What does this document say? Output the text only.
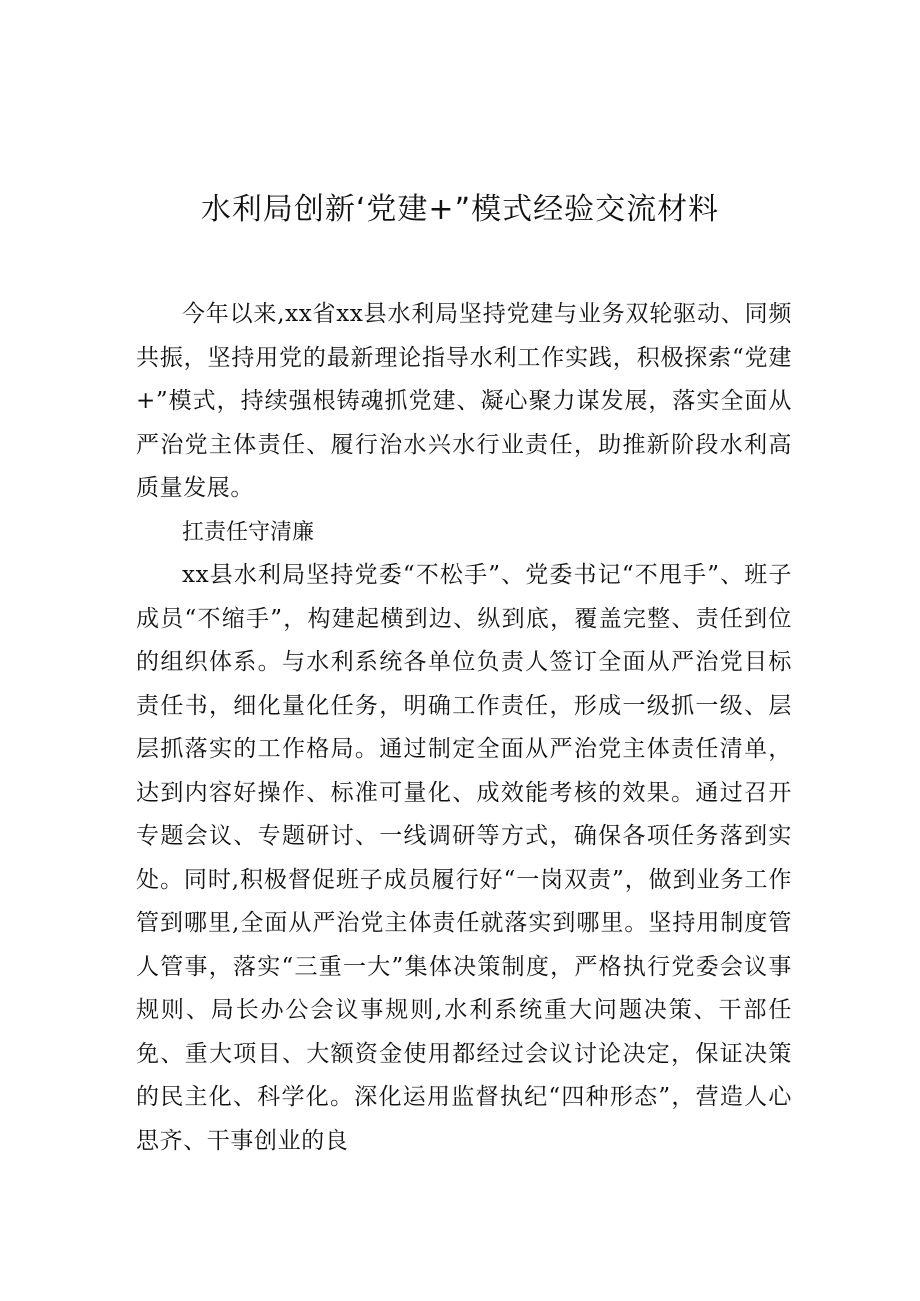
水利局创新‘党建+”模式经验交流材料

今年以来,xx省xx县水利局坚持党建与业务双轮驱动、同频共振，坚持用党的最新理论指导水利工作实践，积极探索“党建+”模式，持续强根铸魂抓党建、凝心聚力谋发展，落实全面从严治党主体责任、履行治水兴水行业责任，助推新阶段水利高质量发展。

扛责任守清廉

xx县水利局坚持党委“不松手”、党委书记“不甩手”、班子成员“不缩手”，构建起横到边、纵到底，覆盖完整、责任到位的组织体系。与水利系统各单位负责人签订全面从严治党目标责任书，细化量化任务，明确工作责任，形成一级抓一级、层层抓落实的工作格局。通过制定全面从严治党主体责任清单，达到内容好操作、标准可量化、成效能考核的效果。通过召开专题会议、专题研讨、一线调研等方式，确保各项任务落到实处。同时,积极督促班子成员履行好“一岗双责”，做到业务工作管到哪里,全面从严治党主体责任就落实到哪里。坚持用制度管人管事，落实“三重一大”集体决策制度，严格执行党委会议事规则、局长办公会议事规则,水利系统重大问题决策、干部任免、重大项目、大额资金使用都经过会议讨论决定，保证决策的民主化、科学化。深化运用监督执纪“四种形态”，营造人心思齐、干事创业的良
